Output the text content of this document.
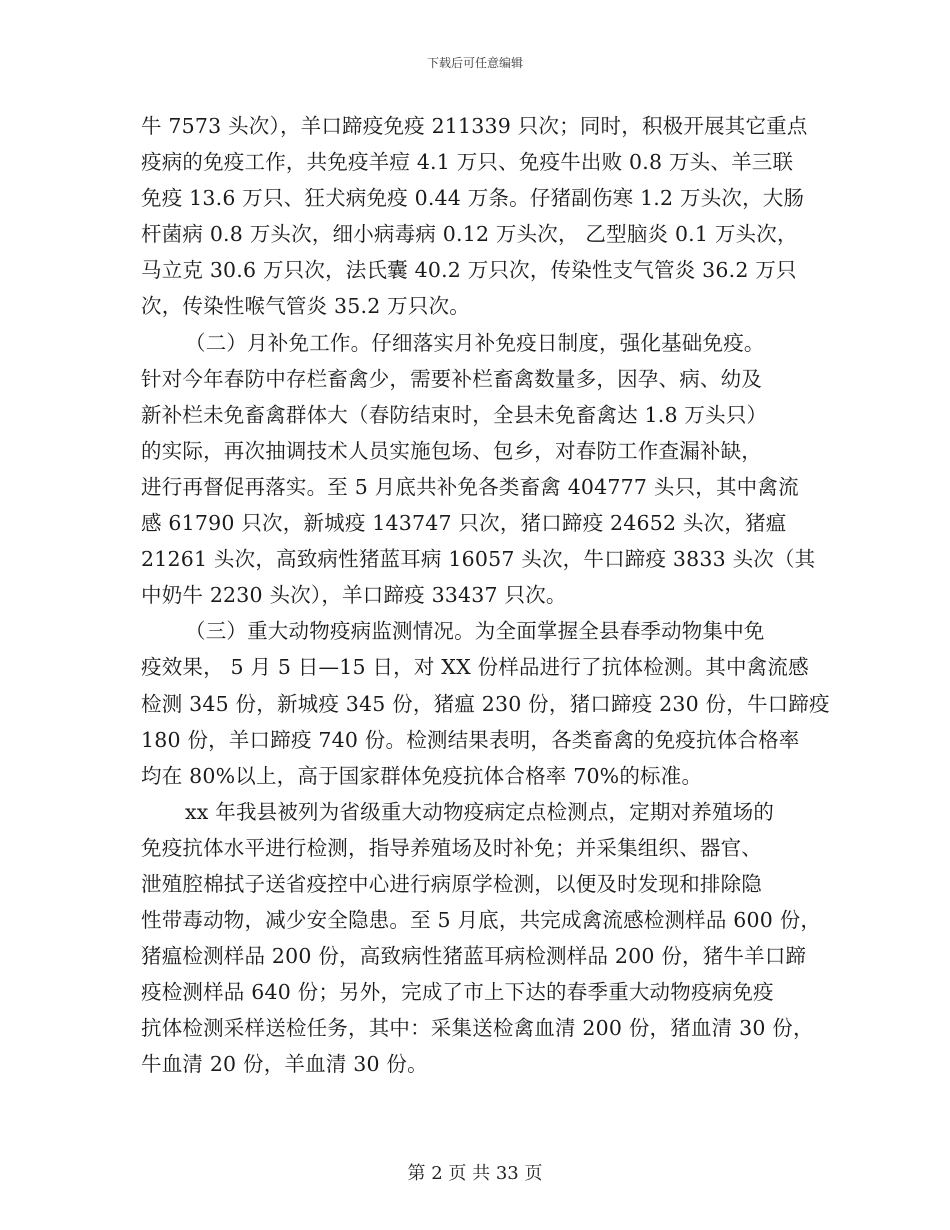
下载后可任意编辑
牛 7573 头次），羊口蹄疫免疫 211339 只次；同时，积极开展其它重点
疫病的免疫工作，共免疫羊痘 4.1 万只、免疫牛出败 0.8 万头、羊三联
免疫 13.6 万只、狂犬病免疫 0.44 万条。仔猪副伤寒 1.2 万头次，大肠
杆菌病 0.8 万头次，细小病毒病 0.12 万头次， 乙型脑炎 0.1 万头次，
马立克 30.6 万只次，法氏囊 40.2 万只次，传染性支气管炎 36.2 万只
次，传染性喉气管炎 35.2 万只次。
（二）月补免工作。仔细落实月补免疫日制度，强化基础免疫。
针对今年春防中存栏畜禽少，需要补栏畜禽数量多，因孕、病、幼及
新补栏未免畜禽群体大（春防结束时，全县未免畜禽达 1.8 万头只）
的实际，再次抽调技术人员实施包场、包乡，对春防工作查漏补缺，
进行再督促再落实。至 5 月底共补免各类畜禽 404777 头只，其中禽流
感 61790 只次，新城疫 143747 只次，猪口蹄疫 24652 头次，猪瘟
21261 头次，高致病性猪蓝耳病 16057 头次，牛口蹄疫 3833 头次（其
中奶牛 2230 头次），羊口蹄疫 33437 只次。
（三）重大动物疫病监测情况。为全面掌握全县春季动物集中免
疫效果， 5 月 5 日—15 日，对 XX 份样品进行了抗体检测。其中禽流感
检测 345 份，新城疫 345 份，猪瘟 230 份，猪口蹄疫 230 份，牛口蹄疫
180 份，羊口蹄疫 740 份。检测结果表明，各类畜禽的免疫抗体合格率
均在 80%以上，高于国家群体免疫抗体合格率 70%的标准。
xx 年我县被列为省级重大动物疫病定点检测点，定期对养殖场的
免疫抗体水平进行检测，指导养殖场及时补免；并采集组织、器官、
泄殖腔棉拭子送省疫控中心进行病原学检测，以便及时发现和排除隐
性带毒动物，减少安全隐患。至 5 月底，共完成禽流感检测样品 600 份，
猪瘟检测样品 200 份，高致病性猪蓝耳病检测样品 200 份，猪牛羊口蹄
疫检测样品 640 份；另外，完成了市上下达的春季重大动物疫病免疫
抗体检测采样送检任务，其中：采集送检禽血清 200 份，猪血清 30 份，
牛血清 20 份，羊血清 30 份。
第 2 页 共 33 页
